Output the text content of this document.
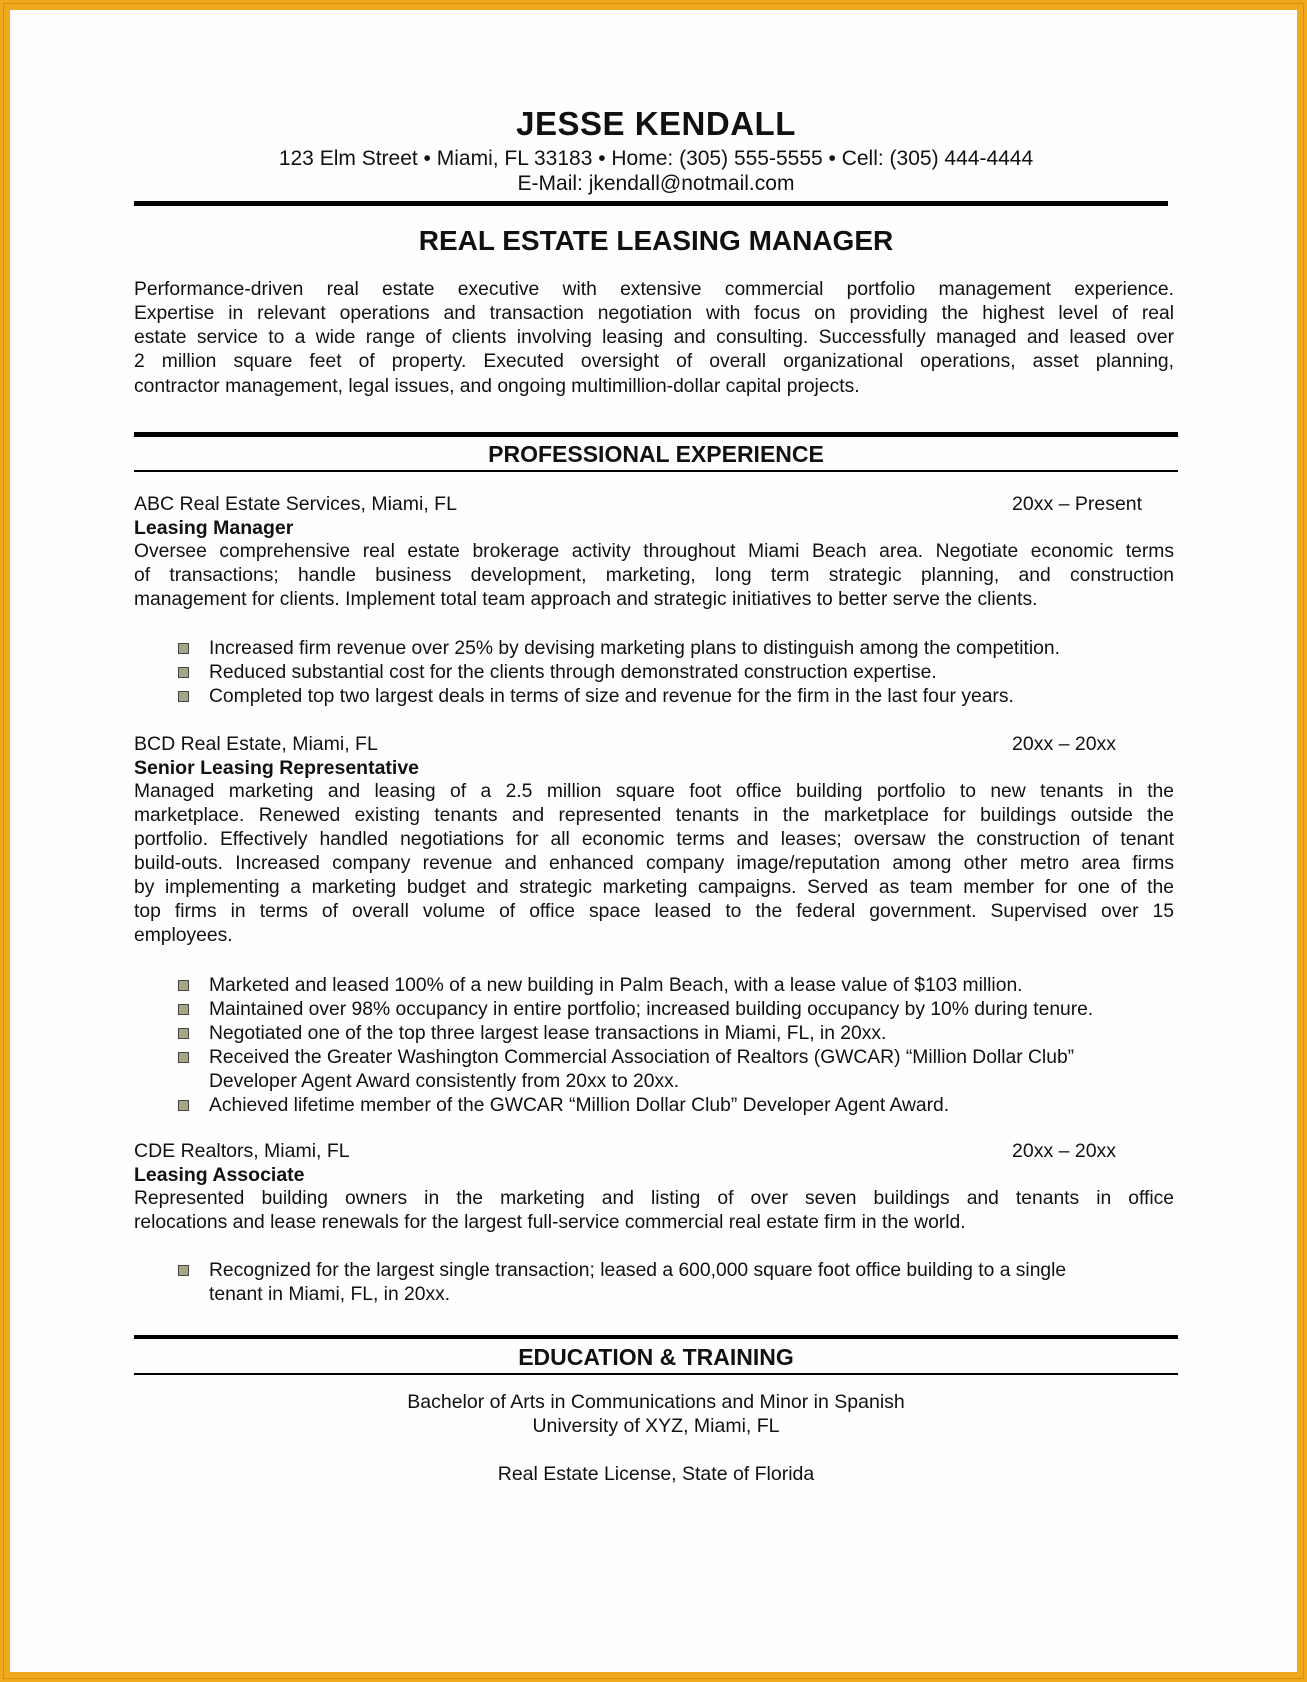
JESSE KENDALL
123 Elm Street • Miami, FL 33183 • Home: (305) 555-5555 • Cell: (305) 444-4444
E-Mail: jkendall@notmail.com
REAL ESTATE LEASING MANAGER
Performance-driven real estate executive with extensive commercial portfolio management experience.
Expertise in relevant operations and transaction negotiation with focus on providing the highest level of real
estate service to a wide range of clients involving leasing and consulting. Successfully managed and leased over
2 million square feet of property. Executed oversight of overall organizational operations, asset planning,
contractor management, legal issues, and ongoing multimillion-dollar capital projects.
PROFESSIONAL EXPERIENCE
ABC Real Estate Services, Miami, FL	20xx – Present
Leasing Manager
Oversee comprehensive real estate brokerage activity throughout Miami Beach area. Negotiate economic terms
of transactions; handle business development, marketing, long term strategic planning, and construction
management for clients. Implement total team approach and strategic initiatives to better serve the clients.
Increased firm revenue over 25% by devising marketing plans to distinguish among the competition.
Reduced substantial cost for the clients through demonstrated construction expertise.
Completed top two largest deals in terms of size and revenue for the firm in the last four years.
BCD Real Estate, Miami, FL	20xx – 20xx
Senior Leasing Representative
Managed marketing and leasing of a 2.5 million square foot office building portfolio to new tenants in the
marketplace. Renewed existing tenants and represented tenants in the marketplace for buildings outside the
portfolio. Effectively handled negotiations for all economic terms and leases; oversaw the construction of tenant
build-outs. Increased company revenue and enhanced company image/reputation among other metro area firms
by implementing a marketing budget and strategic marketing campaigns. Served as team member for one of the
top firms in terms of overall volume of office space leased to the federal government. Supervised over 15
employees.
Marketed and leased 100% of a new building in Palm Beach, with a lease value of $103 million.
Maintained over 98% occupancy in entire portfolio; increased building occupancy by 10% during tenure.
Negotiated one of the top three largest lease transactions in Miami, FL, in 20xx.
Received the Greater Washington Commercial Association of Realtors (GWCAR) “Million Dollar Club”
Developer Agent Award consistently from 20xx to 20xx.
Achieved lifetime member of the GWCAR “Million Dollar Club” Developer Agent Award.
CDE Realtors, Miami, FL	20xx – 20xx
Leasing Associate
Represented building owners in the marketing and listing of over seven buildings and tenants in office
relocations and lease renewals for the largest full-service commercial real estate firm in the world.
Recognized for the largest single transaction; leased a 600,000 square foot office building to a single
tenant in Miami, FL, in 20xx.
EDUCATION & TRAINING
Bachelor of Arts in Communications and Minor in Spanish
University of XYZ, Miami, FL
Real Estate License, State of Florida
